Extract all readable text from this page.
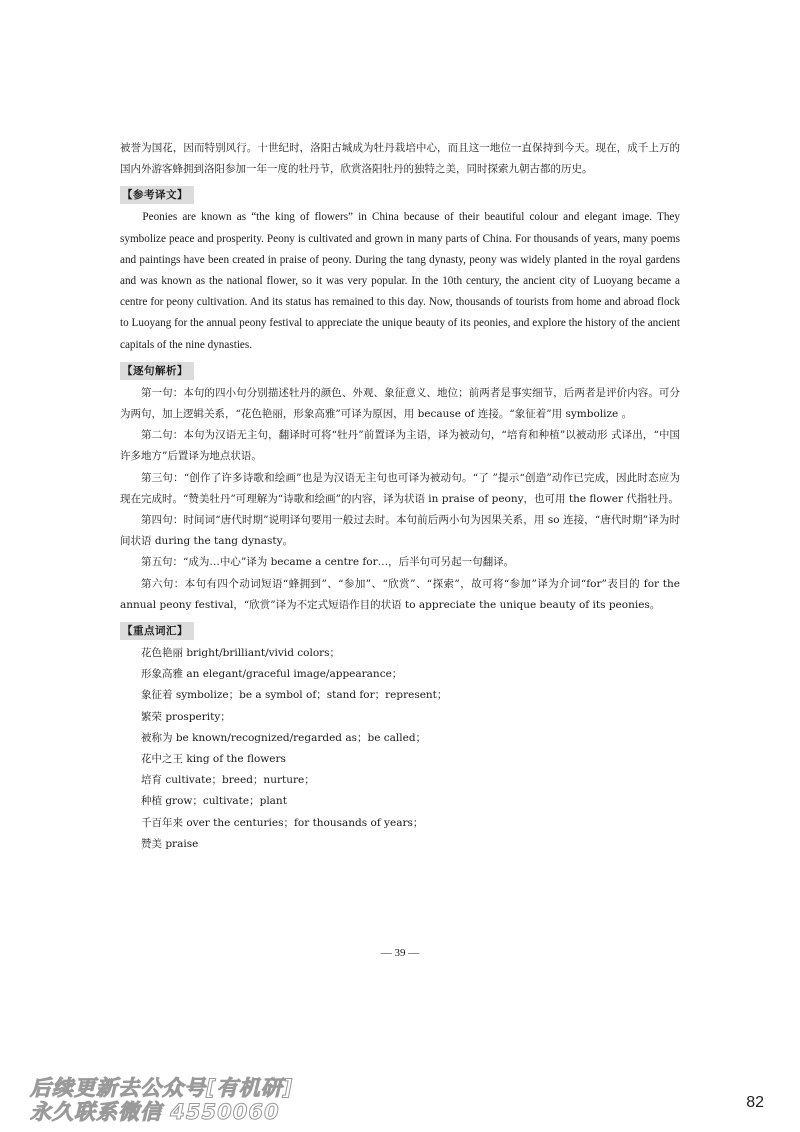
被誉为国花，因而特别风行。十世纪时，洛阳古城成为牡丹栽培中心，而且这一地位一直保持到今天。现在，成千上万的国内外游客蜂拥到洛阳参加一年一度的牡丹节，欣赏洛阳牡丹的独特之美，同时探索九朝古都的历史。

【参考译文】

Peonies are known as “the king of flowers” in China because of their beautiful colour and elegant image. They symbolize peace and prosperity. Peony is cultivated and grown in many parts of China. For thousands of years, many poems and paintings have been created in praise of peony. During the tang dynasty, peony was widely planted in the royal gardens and was known as the national flower, so it was very popular. In the 10th century, the ancient city of Luoyang became a centre for peony cultivation. And its status has remained to this day. Now, thousands of tourists from home and abroad flock to Luoyang for the annual peony festival to appreciate the unique beauty of its peonies, and explore the history of the ancient capitals of the nine dynasties.

【逐句解析】

第一句：本句的四小句分别描述牡丹的颜色、外观、象征意义、地位；前两者是事实细节，后两者是评价内容。可分为两句，加上逻辑关系，“花色艳丽，形象高雅”可译为原因，用 because of 连接。“象征着”用 symbolize 。

第二句：本句为汉语无主句，翻译时可将“牡丹”前置译为主语，译为被动句，“培育和种植”以被动形 式译出，“中国许多地方”后置译为地点状语。

第三句：“创作了许多诗歌和绘画”也是为汉语无主句也可译为被动句。“了 ”提示“创造”动作已完成，因此时态应为现在完成时。“赞美牡丹”可理解为“诗歌和绘画”的内容，译为状语 in praise of peony，也可用 the flower 代指牡丹。

第四句：时间词“唐代时期”说明译句要用一般过去时。本句前后两小句为因果关系，用 so 连接，“唐代时期”译为时间状语 during the tang dynasty。

第五句：“成为…中心”译为 became a centre for…，后半句可另起一句翻译。

第六句：本句有四个动词短语“蜂拥到”、“参加”、“欣赏”、“探索”，故可将“参加”译为介词“for”表目的 for the annual peony festival，“欣赏”译为不定式短语作目的状语 to appreciate the unique beauty of its peonies。

【重点词汇】

花色艳丽 bright/brilliant/vivid colors；

形象高雅 an elegant/graceful image/appearance；

象征着 symbolize；be a symbol of；stand for；represent；

繁荣 prosperity；

被称为 be known/recognized/regarded as；be called；

花中之王 king of the flowers

培育 cultivate；breed；nurture；

种植 grow；cultivate；plant

千百年来 over the centuries；for thousands of years；

赞美 praise

— 39 —
后续更新去公众号[有机研]
永久联系微信 4550060	82
